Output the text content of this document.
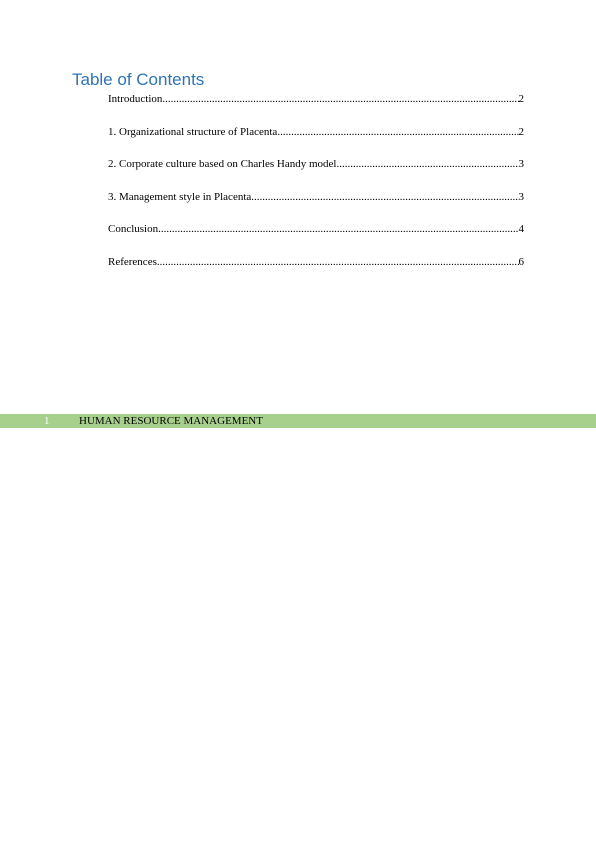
Table of Contents
Introduction .....	2
1. Organizational structure of Placenta .....	2
2. Corporate culture based on Charles Handy model .....	3
3. Management style in Placenta .....	3
Conclusion .....	4
References .....	6
1	HUMAN RESOURCE MANAGEMENT
